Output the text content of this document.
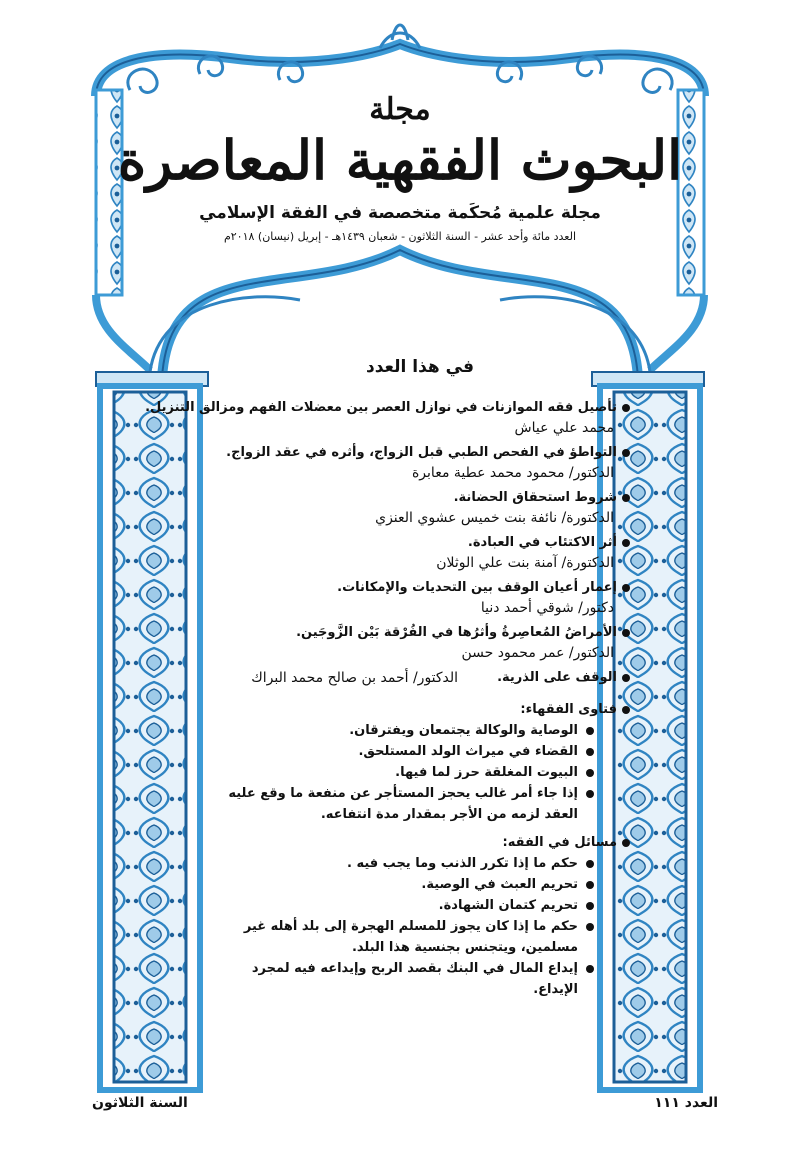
مجلة
البحوث الفقهية المعاصرة
مجلة علمية مُحكَمة متخصصة في الفقة الإسلامي
العدد مائة وأحد عشر - السنة الثلاثون - شعبان ١٤٣٩هـ - إبريل (نيسان) ٢٠١٨م
في هذا العدد
تأصيل فقه الموازنات في نوازل العصر بين معضلات الفهم ومزالق التنزيل.
محمد علي عياش
التواطؤ في الفحص الطبي قبل الزواج، وأثره في عقد الزواج.
الدكتور/ محمود محمد عطية معابرة
شروط استحقاق الحضانة.
الدكتورة/ نائفة بنت خميس عشوي العنزي
أثر الاكتئاب في العبادة.
الدكتورة/ آمنة بنت علي الوثلان
إعمار أعيان الوقف بين التحديات والإمكانات.
دكتور/ شوقي أحمد دنيا
الأمراضُ المُعاصِرةُ وأثرُها في الفُرْقة بَيْن الزَّوجَين.
الدكتور/ عمر محمود حسن
الوقف على الذرية.
الدكتور/ أحمد بن صالح محمد البراك
فتاوى الفقهاء:
الوصاية والوكالة يجتمعان ويفترقان.
القضاء في ميراث الولد المستلحق.
البيوت المغلقة حرز لما فيها.
إذا جاء أمر غالب يحجز المستأجر عن منفعة ما وقع عليه العقد لزمه من الأجر بمقدار مدة انتفاعه.
مسائل في الفقه:
حكم ما إذا تكرر الذنب وما يجب فيه .
تحريم العبث في الوصية.
تحريم كتمان الشهادة.
حكم ما إذا كان يجوز للمسلم الهجرة إلى بلد أهله غير مسلمين، ويتجنس بجنسية هذا البلد.
إيداع المال في البنك بقصد الربح وإيداعه فيه لمجرد الإيداع.
العدد ١١١
السنة الثلاثون
